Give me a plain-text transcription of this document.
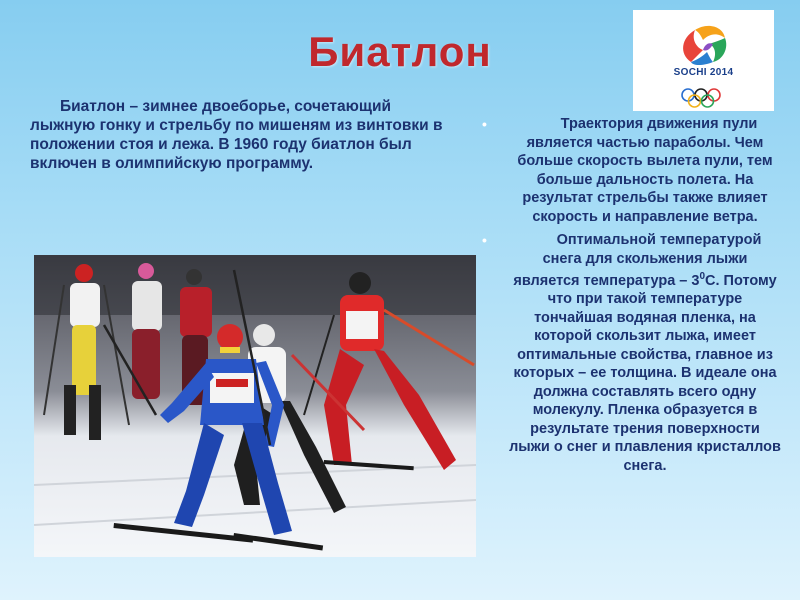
Биатлон	SOCHI 2014
Биатлон – зимнее двоеборье, сочетающий лыжную гонку и стрельбу по мишеням из винтовки в положении стоя и лежа. В 1960 году биатлон был включен в олимпийскую программу.
•	Траектория движения пули является частью параболы. Чем больше скорость вылета пули, тем больше дальность полета. На результат стрельбы также влияет скорость и направление ветра.
•	Оптимальной температурой снега для скольжения лыжи является температура – $3^0С$. Потому что при такой температуре тончайшая водяная пленка, на которой скользит лыжа, имеет оптимальные свойства, главное из которых – ее толщина. В идеале она должна составлять всего одну молекулу. Пленка образуется в результате трения поверхности лыжи о снег и плавления кристаллов снега.
